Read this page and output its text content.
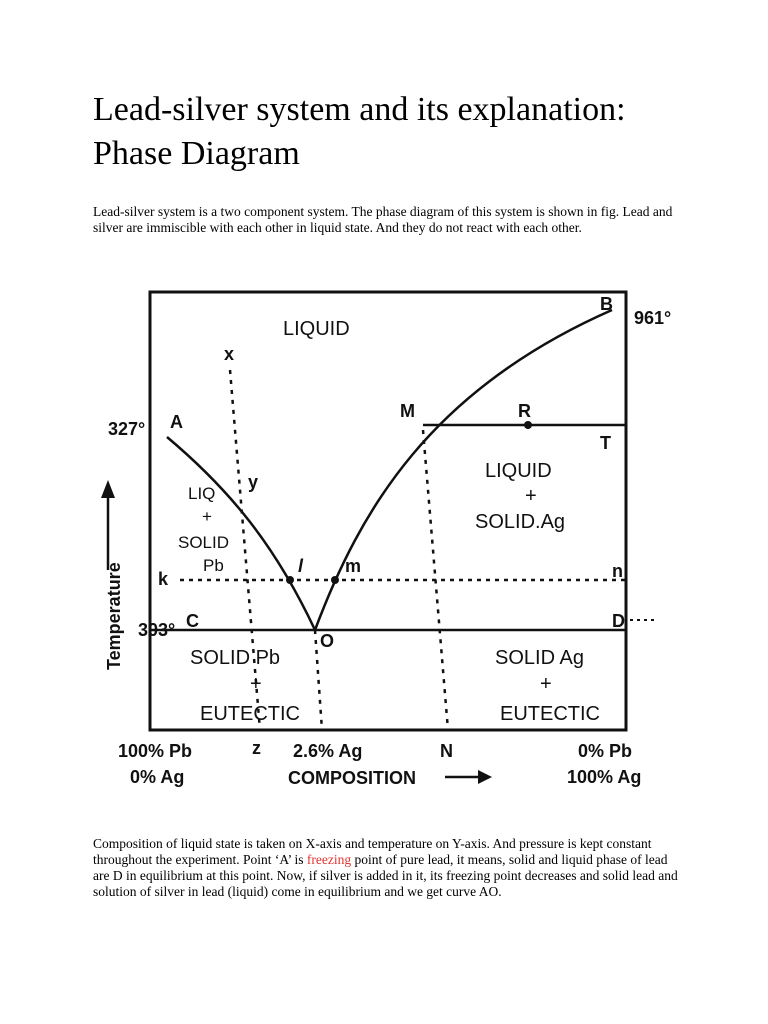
Lead-silver system and its explanation: Phase Diagram

Lead-silver system is a two component system. The phase diagram of this system is shown in fig. Lead and silver are immiscible with each other in liquid state. And they do not react with each other.

LIQUID
LIQUID
+
SOLID.Ag
LIQ
+
SOLID
Pb
SOLID Pb
+
EUTECTIC
SOLID Ag
+
EUTECTIC
327°
303°
961°
A
B
C	D
O
M	R
T
k	n
l m
x
y
z	N
Temperature
COMPOSITION
100% Pb
0% Ag
2.6% Ag	0% Pb
100% Ag

Composition of liquid state is taken on X-axis and temperature on Y-axis. And pressure is kept constant throughout the experiment. Point ‘A’ is freezing point of pure lead, it means, solid and liquid phase of lead are D in equilibrium at this point. Now, if silver is added in it, its freezing point decreases and solid lead and solution of silver in lead (liquid) come in equilibrium and we get curve AO.
